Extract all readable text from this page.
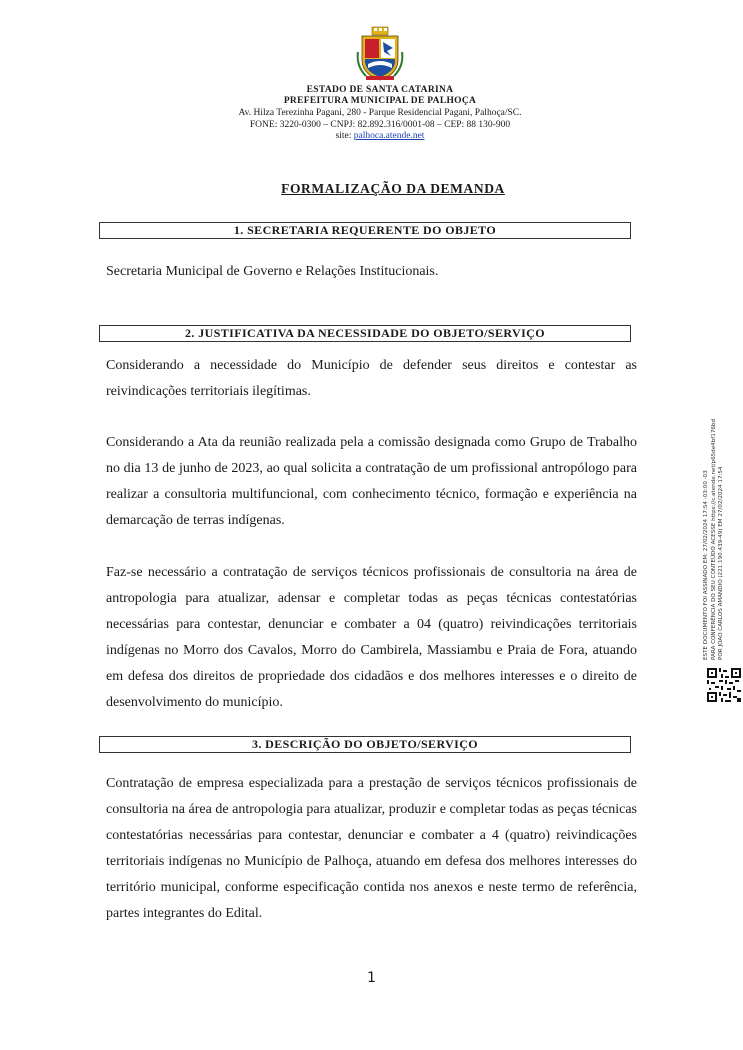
ESTADO DE SANTA CATARINA
PREFEITURA MUNICIPAL DE PALHOÇA
Av. Hilza Terezinha Pagani, 280 - Parque Residencial Pagani, Palhoça/SC.
FONE: 3220-0300 – CNPJ: 82.892.316/0001-08 – CEP: 88 130-900
site: palhoca.atende.net
FORMALIZAÇÃO DA DEMANDA
1. SECRETARIA REQUERENTE DO OBJETO
Secretaria Municipal de Governo e Relações Institucionais.
2. JUSTIFICATIVA DA NECESSIDADE DO OBJETO/SERVIÇO
Considerando a necessidade do Município de defender seus direitos e contestar as reivindicações territoriais ilegítimas.
Considerando a Ata da reunião realizada pela a comissão designada como Grupo de Trabalho no dia 13 de junho de 2023, ao qual solicita a contratação de um profissional antropólogo para realizar a consultoria multifuncional, com conhecimento técnico, formação e experiência na demarcação de terras indígenas.
Faz-se necessário a contratação de serviços técnicos profissionais de consultoria na área de antropologia para atualizar, adensar e completar todas as peças técnicas contestatórias necessárias para contestar, denunciar e combater a 04 (quatro) reivindicações territoriais indígenas no Morro dos Cavalos, Morro do Cambirela, Massiambu e Praia de Fora, atuando em defesa dos direitos de propriedade dos cidadãos e dos melhores interesses e o direito de desenvolvimento do município.
3. DESCRIÇÃO DO OBJETO/SERVIÇO
Contratação de empresa especializada para a prestação de serviços técnicos profissionais de consultoria na área de antropologia para atualizar, produzir e completar todas as peças técnicas contestatórias necessárias para contestar, denunciar e combater a 4 (quatro) reivindicações territoriais indígenas no Município de Palhoça, atuando em defesa dos melhores interesses do território municipal, conforme especificação contida nos anexos e neste termo de referência, partes integrantes do Edital.
1
ESTE DOCUMENTO FOI ASSINADO EM: 27/02/2024 17:54 -03:00 -03 PARA CONFERÊNCIA DO SEU CONTEÚDO ACESSE https://c.atende.net/p65de4bf176bd POR JOAO CARLOS AMANDIO (221.190.439-49) EM 27/02/2024 17:54
